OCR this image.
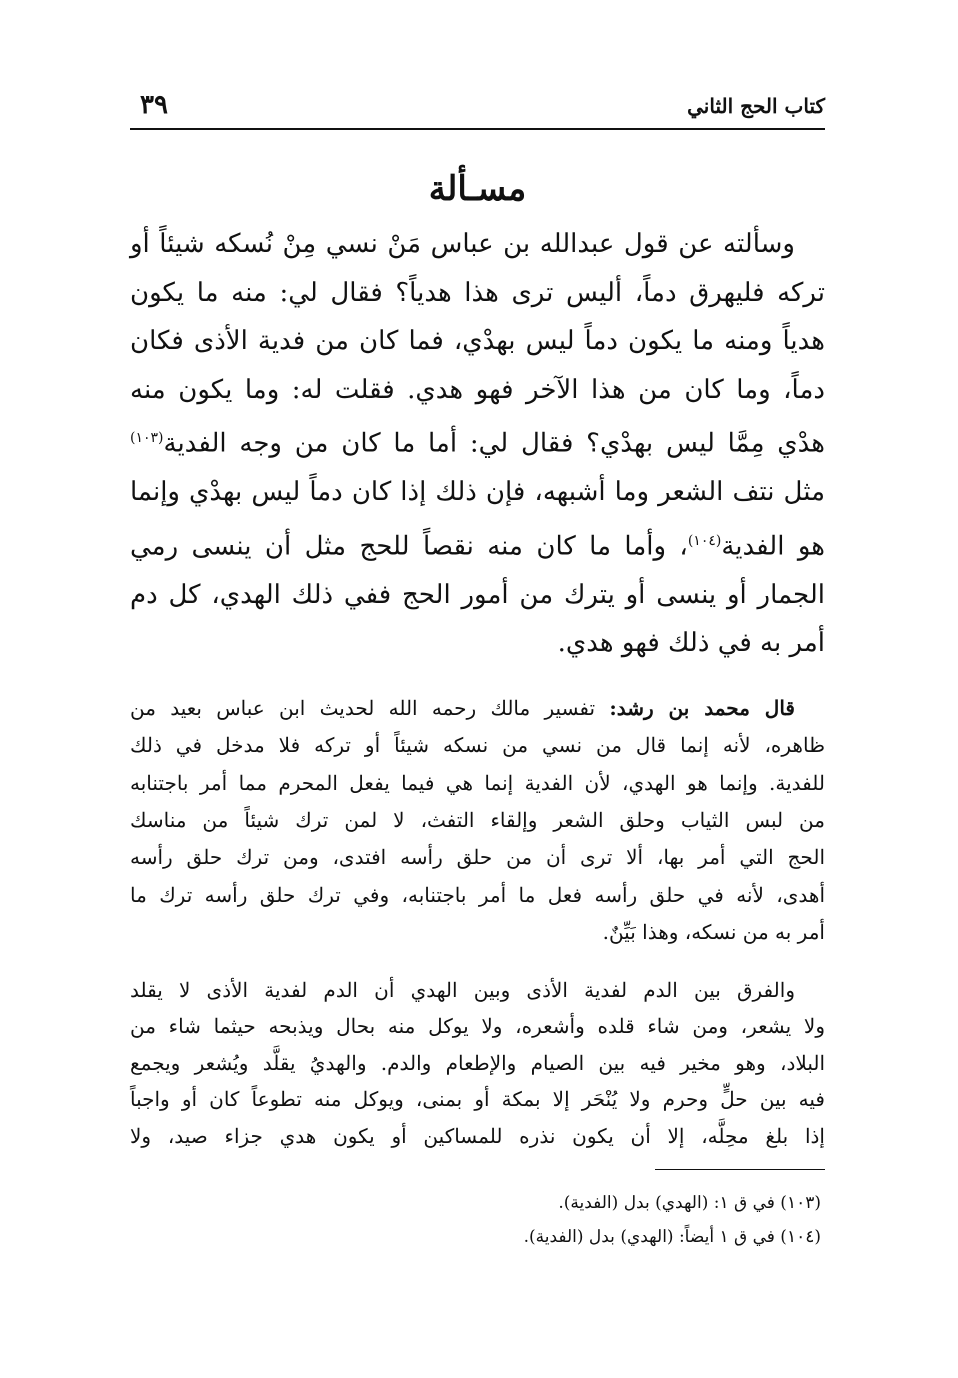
كتاب الحج الثاني
٣٩
مسـألة
وسألته عن قول عبدالله بن عباس مَنْ نسي مِنْ نُسكه شيئاً أو
تركه فليهرق دماً، أليس ترى هذا هدياً؟ فقال لي: منه ما يكون
هدياً ومنه ما يكون دماً ليس بهدْي، فما كان من فدية الأذى فكان
دماً، وما كان من هذا الآخر فهو هدي. فقلت له: وما يكون منه
هدْي مِمَّا ليس بهدْي؟ فقال لي: أما ما كان من وجه الفدية$^{(١٠٣)}$
مثل نتف الشعر وما أشبهه، فإن ذلك إذا كان دماً ليس بهدْي وإنما
هو الفدية$^{(١٠٤)}$، وأما ما كان منه نقصاً للحج مثل أن ينسى رمي
الجمار أو ينسى أو يترك من أمور الحج ففي ذلك الهدي، كل دم
أمر به في ذلك فهو هدي.
قال محمد بن رشد: تفسير مالك رحمه الله لحديث ابن عباس بعيد من
ظاهره، لأنه إنما قال من نسي من نسكه شيئاً أو تركه فلا مدخل في ذلك
للفدية. وإنما هو الهدي، لأن الفدية إنما هي فيما يفعل المحرم مما أمر باجتنابه
من لبس الثياب وحلق الشعر وإلقاء التفث، لا لمن ترك شيئاً من مناسك
الحج التي أمر بها، ألا ترى أن من حلق رأسه افتدى، ومن ترك حلق رأسه
أهدى، لأنه في حلق رأسه فعل ما أمر باجتنابه، وفي ترك حلق رأسه ترك ما
أمر به من نسكه، وهذا بَيِّنٌ.
والفرق بين الدم لفدية الأذى وبين الهدي أن الدم لفدية الأذى لا يقلد
ولا يشعر، ومن شاء قلده وأشعره، ولا يوكل منه بحال ويذبحه حيثما شاء من
البلاد، وهو مخير فيه بين الصيام والإطعام والدم. والهديُ يقلَّد ويُشعر ويجمع
فيه بين حلٍّ وحرم ولا يُنْحَر إلا بمكة أو بمنى، ويوكل منه تطوعاً كان أو واجباً
إذا بلغ محِلَّه، إلا أن يكون نذره للمساكين أو يكون هدي جزاء صيد، ولا
(١٠٣) في ق ١: (الهدي) بدل (الفدية).
(١٠٤) في ق ١ أيضاً: (الهدي) بدل (الفدية).
